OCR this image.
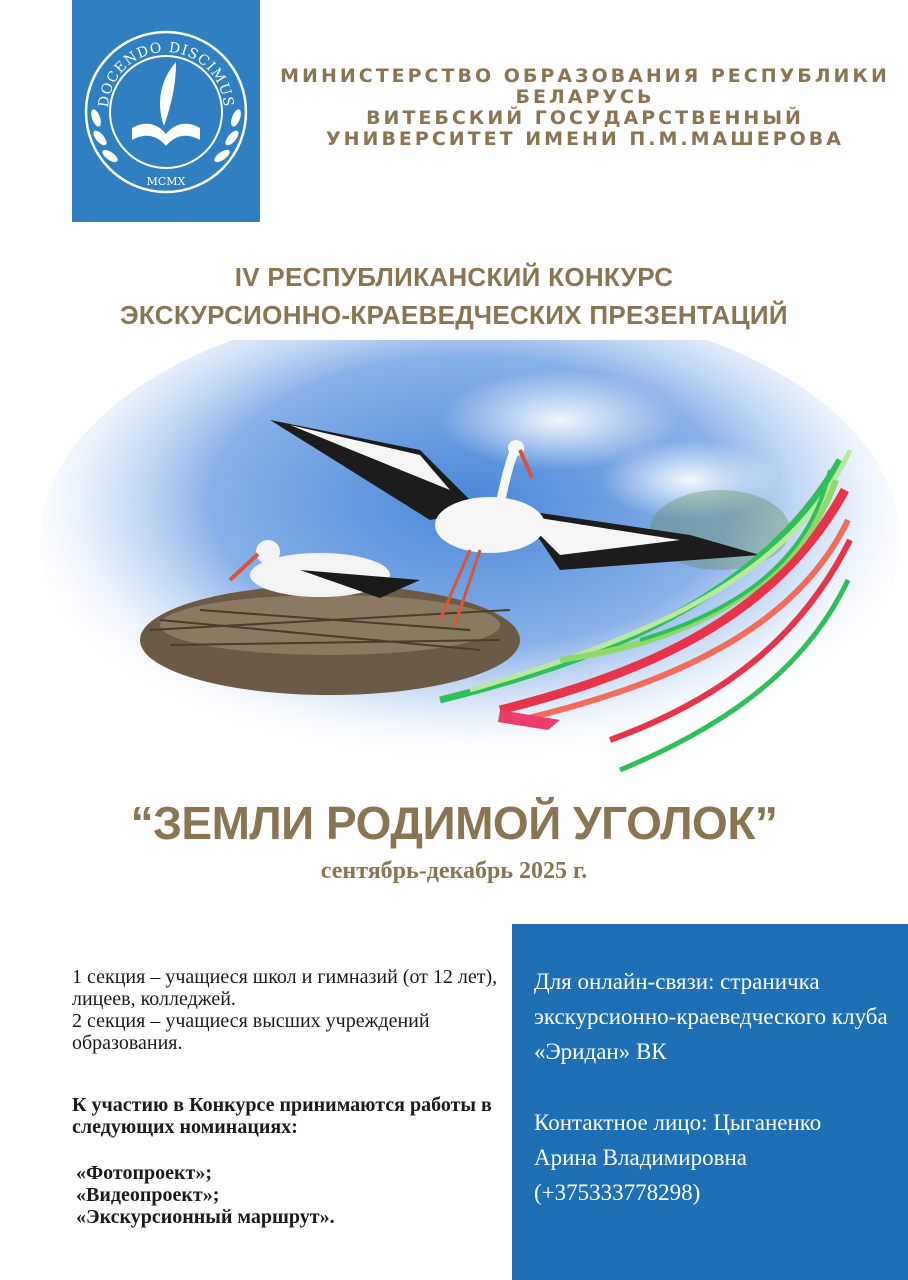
DOCENDO DISCIMUS
MCMX
МИНИСТЕРСТВО ОБРАЗОВАНИЯ РЕСПУБЛИКИ
БЕЛАРУСЬ
ВИТЕБСКИЙ ГОСУДАРСТВЕННЫЙ
УНИВЕРСИТЕТ ИМЕНИ П.М.МАШЕРОВА
IV РЕСПУБЛИКАНСКИЙ КОНКУРС
ЭКСКУРСИОННО-КРАЕВЕДЧЕСКИХ ПРЕЗЕНТАЦИЙ
“ЗЕМЛИ РОДИМОЙ УГОЛОК”
сентябрь-декабрь 2025 г.

1 секция – учащиеся школ и гимназий (от 12 лет), лицеев, колледжей.

2 секция – учащиеся высших учреждений образования.

К участию в Конкурсе принимаются работы в следующих номинациях:

«Фотопроект»;

«Видеопроект»;

«Экскурсионный маршрут».

Для онлайн-связи: страничка экскурсионно-краеведческого клуба «Эридан» ВК

Контактное лицо: Цыганенко Арина Владимировна (+375333778298)
